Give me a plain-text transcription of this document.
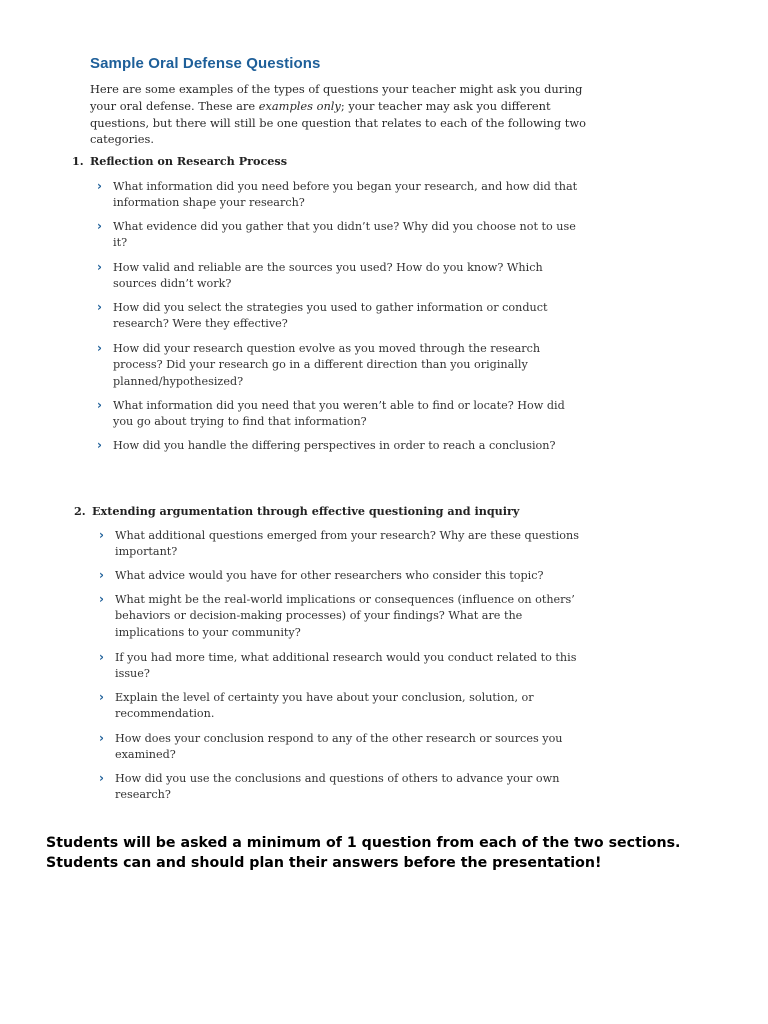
Sample Oral Defense Questions

Here are some examples of the types of questions your teacher might ask you during your oral defense. These are examples only; your teacher may ask you different questions, but there will still be one question that relates to each of the following two categories.

1. Reflection on Research Process
› What information did you need before you began your research, and how did that information shape your research?
› What evidence did you gather that you didn’t use? Why did you choose not to use it?
› How valid and reliable are the sources you used? How do you know? Which sources didn’t work?
› How did you select the strategies you used to gather information or conduct research? Were they effective?
› How did your research question evolve as you moved through the research process? Did your research go in a different direction than you originally planned/hypothesized?
› What information did you need that you weren’t able to find or locate? How did you go about trying to find that information?
› How did you handle the differing perspectives in order to reach a conclusion?
2. Extending argumentation through effective questioning and inquiry
› What additional questions emerged from your research? Why are these questions important?
› What advice would you have for other researchers who consider this topic?
› What might be the real-world implications or consequences (influence on others’ behaviors or decision-making processes) of your findings? What are the implications to your community?
› If you had more time, what additional research would you conduct related to this issue?
› Explain the level of certainty you have about your conclusion, solution, or recommendation.
› How does your conclusion respond to any of the other research or sources you examined?
› How did you use the conclusions and questions of others to advance your own research?
Students will be asked a minimum of 1 question from each of the two sections.
Students can and should plan their answers before the presentation!
